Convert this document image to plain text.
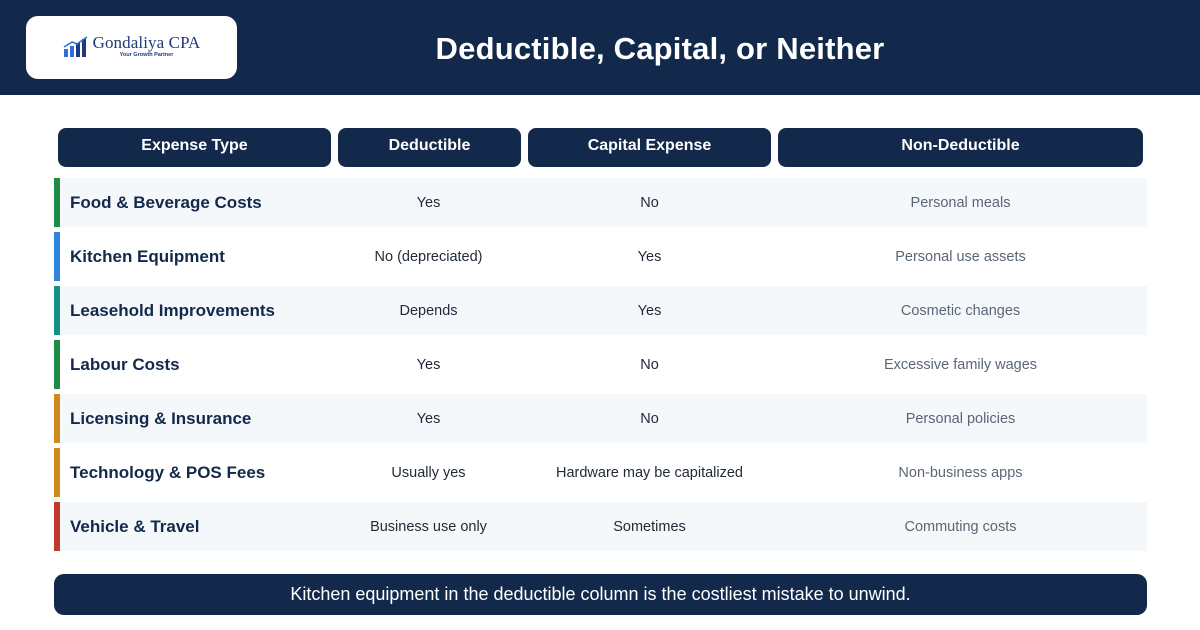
Gondaliya CPA
Your Growth Partner	Deductible, Capital, or Neither
Expense Type	Deductible	Capital Expense	Non-Deductible
Food & Beverage Costs	Yes	No	Personal meals
Kitchen Equipment	No (depreciated)	Yes	Personal use assets
Leasehold Improvements	Depends	Yes	Cosmetic changes
Labour Costs	Yes	No	Excessive family wages
Licensing & Insurance	Yes	No	Personal policies
Technology & POS Fees	Usually yes	Hardware may be capitalized	Non-business apps
Vehicle & Travel	Business use only	Sometimes	Commuting costs
Kitchen equipment in the deductible column is the costliest mistake to unwind.
